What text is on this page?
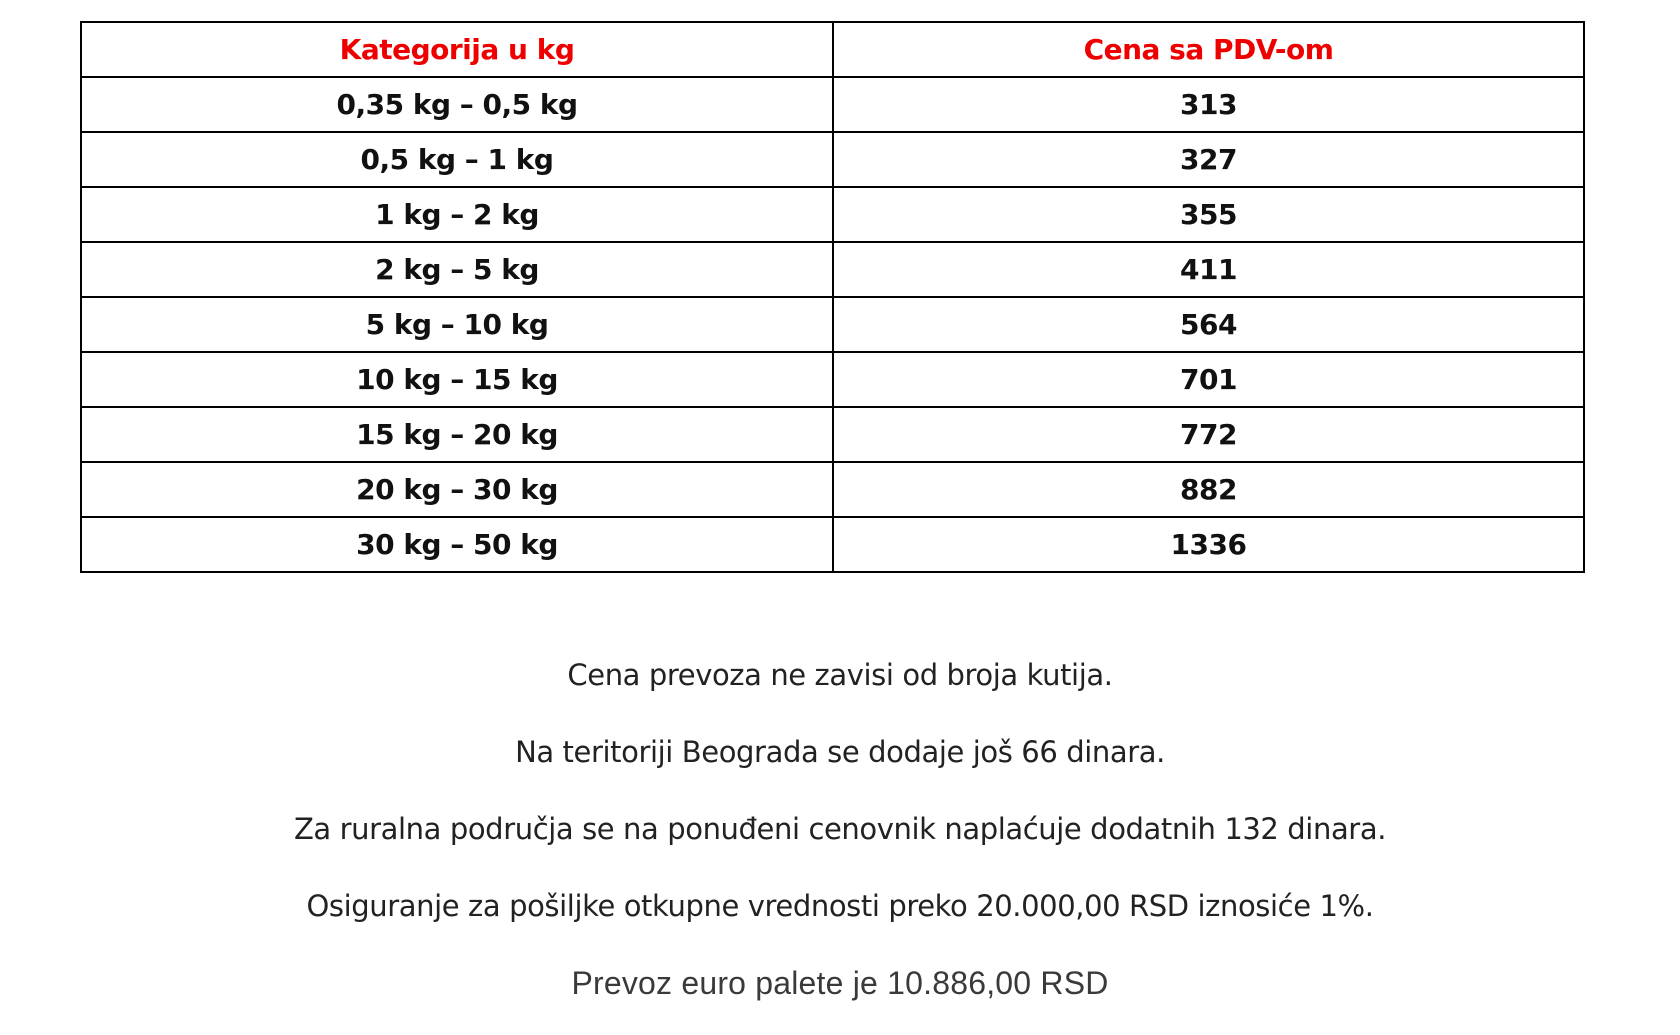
Kategorija u kg	Cena sa PDV-om
0,35 kg – 0,5 kg	313
0,5 kg – 1 kg	327
1 kg – 2 kg	355
2 kg – 5 kg	411
5 kg – 10 kg	564
10 kg – 15 kg	701
15 kg – 20 kg	772
20 kg – 30 kg	882
30 kg – 50 kg	1336
Cena prevoza ne zavisi od broja kutija.
Na teritoriji Beograda se dodaje još 66 dinara.
Za ruralna područja se na ponuđeni cenovnik naplaćuje dodatnih 132 dinara.
Osiguranje za pošiljke otkupne vrednosti preko 20.000,00 RSD iznosiće 1%.
Prevoz euro palete je 10.886,00 RSD
